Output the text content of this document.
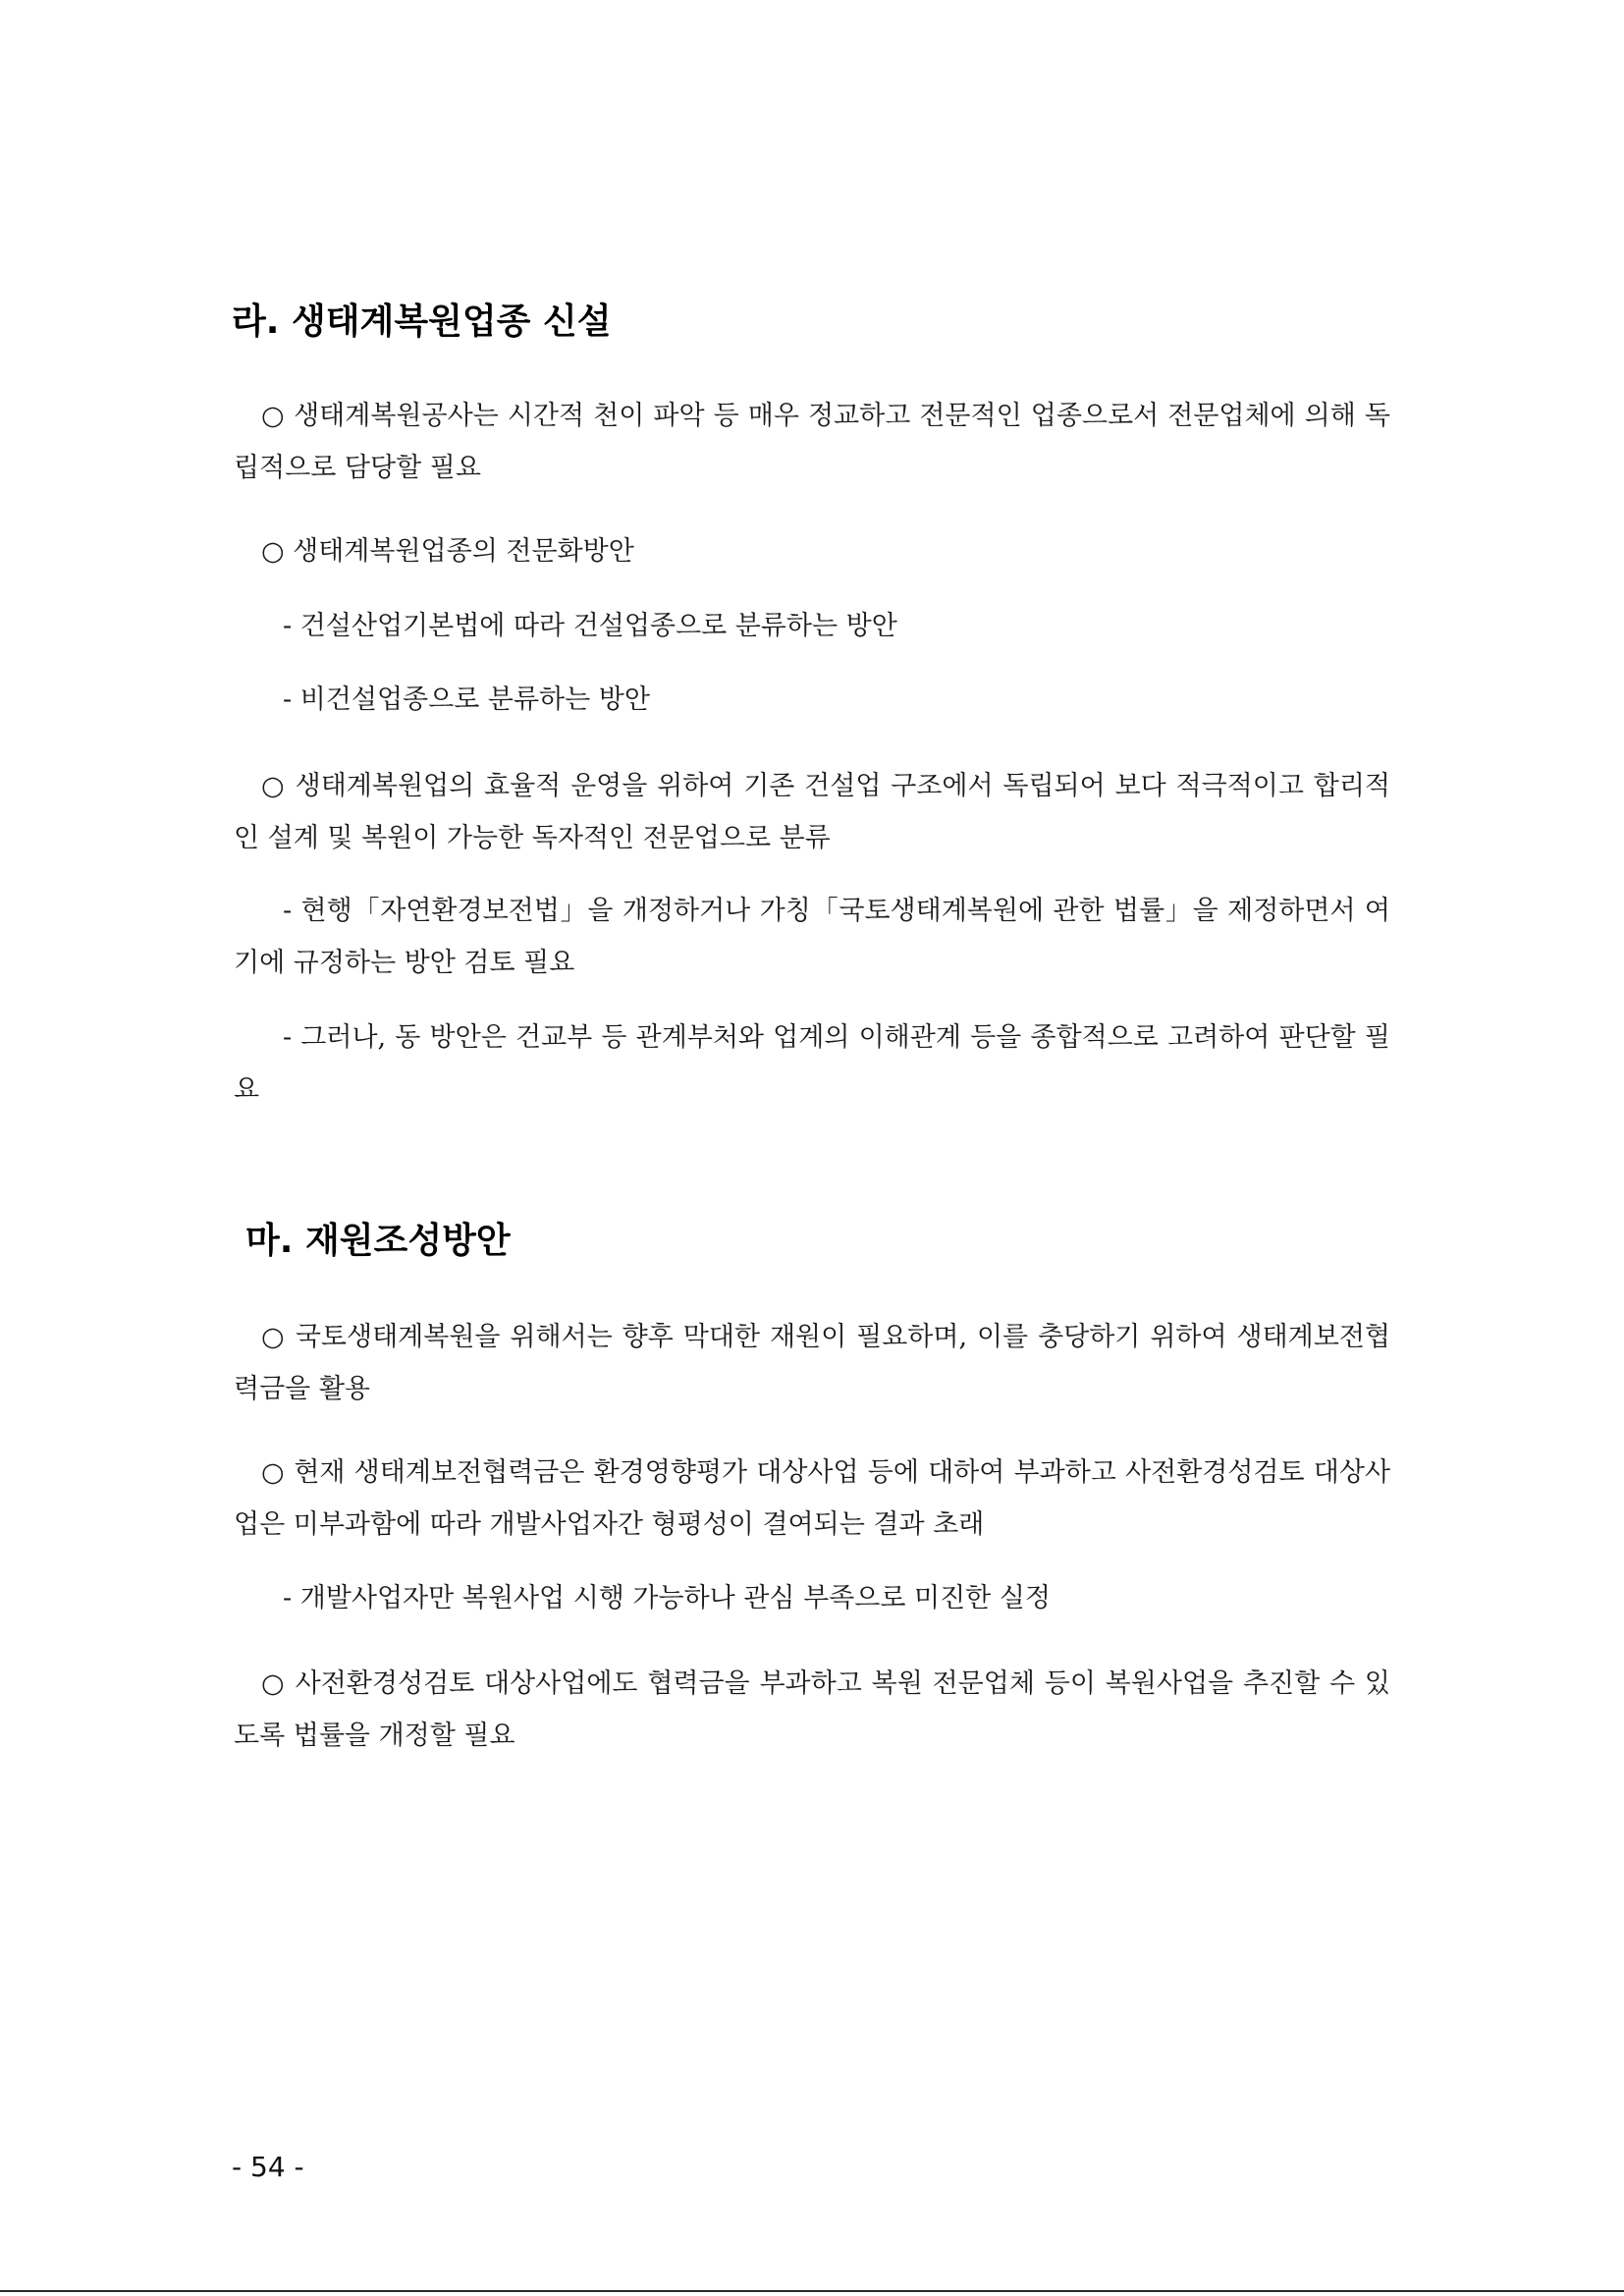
라. 생태계복원업종 신설

○ 생태계복원공사는 시간적 천이 파악 등 매우 정교하고 전문적인 업종으로서 전문업체에 의해 독립적으로 담당할 필요

○ 생태계복원업종의 전문화방안

- 건설산업기본법에 따라 건설업종으로 분류하는 방안

- 비건설업종으로 분류하는 방안

○ 생태계복원업의 효율적 운영을 위하여 기존 건설업 구조에서 독립되어 보다 적극적이고 합리적인 설계 및 복원이 가능한 독자적인 전문업으로 분류

- 현행「자연환경보전법」을 개정하거나 가칭「국토생태계복원에 관한 법률」을 제정하면서 여기에 규정하는 방안 검토 필요

- 그러나, 동 방안은 건교부 등 관계부처와 업계의 이해관계 등을 종합적으로 고려하여 판단할 필요

마. 재원조성방안

○ 국토생태계복원을 위해서는 향후 막대한 재원이 필요하며, 이를 충당하기 위하여 생태계보전협력금을 활용

○ 현재 생태계보전협력금은 환경영향평가 대상사업 등에 대하여 부과하고 사전환경성검토 대상사업은 미부과함에 따라 개발사업자간 형평성이 결여되는 결과 초래

- 개발사업자만 복원사업 시행 가능하나 관심 부족으로 미진한 실정

○ 사전환경성검토 대상사업에도 협력금을 부과하고 복원 전문업체 등이 복원사업을 추진할 수 있도록 법률을 개정할 필요

- 54 -
